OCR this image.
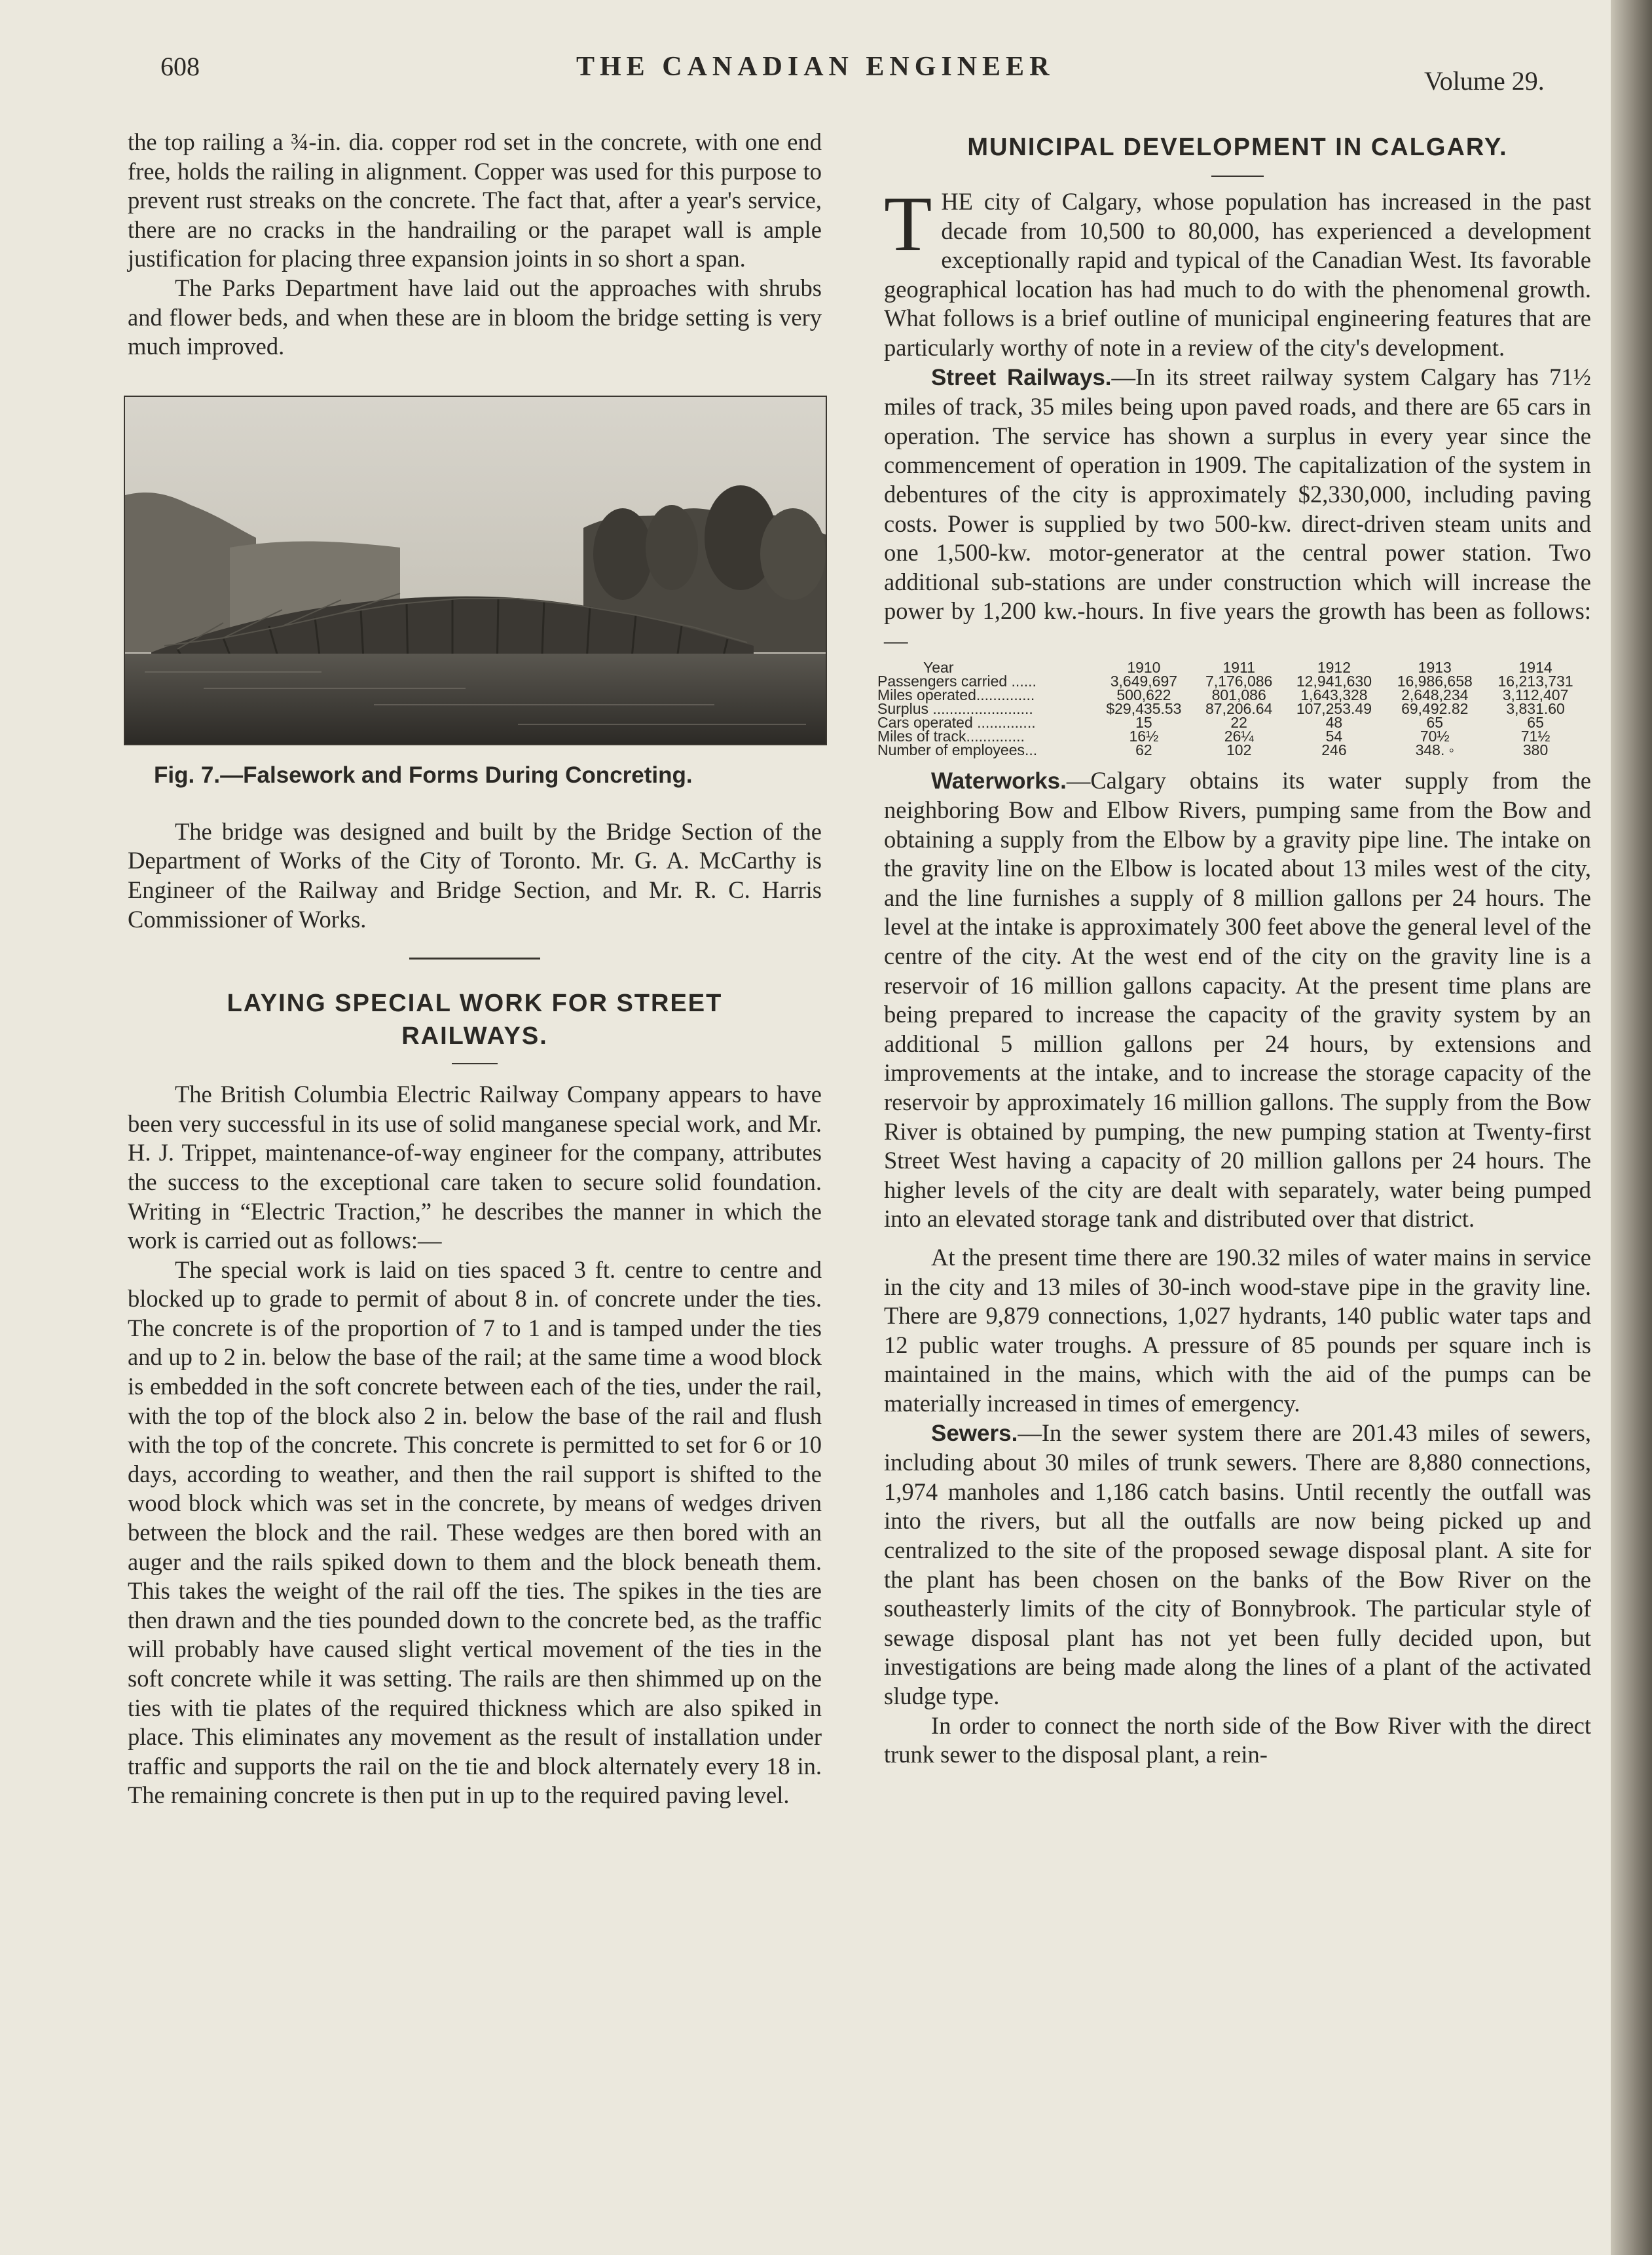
608	THE CANADIAN ENGINEER	Volume 29.

the top railing a ¾-in. dia. copper rod set in the concrete, with one end free, holds the railing in alignment. Copper was used for this purpose to prevent rust streaks on the concrete. The fact that, after a year's service, there are no cracks in the handrailing or the parapet wall is ample justification for placing three expansion joints in so short a span.

The Parks Department have laid out the approaches with shrubs and flower beds, and when these are in bloom the bridge setting is very much improved.

Fig. 7.—Falsework and Forms During Concreting.

The bridge was designed and built by the Bridge Section of the Department of Works of the City of Toronto. Mr. G. A. McCarthy is Engineer of the Railway and Bridge Section, and Mr. R. C. Harris Commissioner of Works.

LAYING SPECIAL WORK FOR STREET RAILWAYS.

The British Columbia Electric Railway Company appears to have been very successful in its use of solid manganese special work, and Mr. H. J. Trippet, maintenance-of-way engineer for the company, attributes the success to the exceptional care taken to secure solid foundation. Writing in “Electric Traction,” he describes the manner in which the work is carried out as follows:—

The special work is laid on ties spaced 3 ft. centre to centre and blocked up to grade to permit of about 8 in. of concrete under the ties. The concrete is of the proportion of 7 to 1 and is tamped under the ties and up to 2 in. below the base of the rail; at the same time a wood block is embedded in the soft concrete between each of the ties, under the rail, with the top of the block also 2 in. below the base of the rail and flush with the top of the concrete. This concrete is permitted to set for 6 or 10 days, according to weather, and then the rail support is shifted to the wood block which was set in the concrete, by means of wedges driven between the block and the rail. These wedges are then bored with an auger and the rails spiked down to them and the block beneath them. This takes the weight of the rail off the ties. The spikes in the ties are then drawn and the ties pounded down to the concrete bed, as the traffic will probably have caused slight vertical movement of the ties in the soft concrete while it was setting. The rails are then shimmed up on the ties with tie plates of the required thickness which are also spiked in place. This eliminates any movement as the result of installation under traffic and supports the rail on the tie and block alternately every 18 in. The remaining concrete is then put in up to the required paving level.

MUNICIPAL DEVELOPMENT IN CALGARY.

THE city of Calgary, whose population has increased in the past decade from 10,500 to 80,000, has experienced a development exceptionally rapid and typical of the Canadian West. Its favorable geographical location has had much to do with the phenomenal growth. What follows is a brief outline of municipal engineering features that are particularly worthy of note in a review of the city's development.

Street Railways.—In its street railway system Calgary has 71½ miles of track, 35 miles being upon paved roads, and there are 65 cars in operation. The service has shown a surplus in every year since the commencement of operation in 1909. The capitalization of the system in debentures of the city is approximately $2,330,000, including paving costs. Power is supplied by two 500-kw. direct-driven steam units and one 1,500-kw. motor-generator at the central power station. Two additional sub-stations are under construction which will increase the power by 1,200 kw.-hours. In five years the growth has been as follows:—

Year	1910	1911	1912	1913	1914
Passengers carried ......	3,649,697	7,176,086	12,941,630	16,986,658	16,213,731
Miles operated..............	500,622	801,086	1,643,328	2,648,234	3,112,407
Surplus ........................	$29,435.53	87,206.64	107,253.49	69,492.82	3,831.60
Cars operated ..............	15	22	48	65	65
Miles of track..............	16½	26¼	54	70½	71½
Number of employees...	62	102	246	348. ◦	380

Waterworks.—Calgary obtains its water supply from the neighboring Bow and Elbow Rivers, pumping same from the Bow and obtaining a supply from the Elbow by a gravity pipe line. The intake on the gravity line on the Elbow is located about 13 miles west of the city, and the line furnishes a supply of 8 million gallons per 24 hours. The level at the intake is approximately 300 feet above the general level of the centre of the city. At the west end of the city on the gravity line is a reservoir of 16 million gallons capacity. At the present time plans are being prepared to increase the capacity of the gravity system by an additional 5 million gallons per 24 hours, by extensions and improvements at the intake, and to increase the storage capacity of the reservoir by approximately 16 million gallons. The supply from the Bow River is obtained by pumping, the new pumping station at Twenty-first Street West having a capacity of 20 million gallons per 24 hours. The higher levels of the city are dealt with separately, water being pumped into an elevated storage tank and distributed over that district.

At the present time there are 190.32 miles of water mains in service in the city and 13 miles of 30-inch wood-stave pipe in the gravity line. There are 9,879 connections, 1,027 hydrants, 140 public water taps and 12 public water troughs. A pressure of 85 pounds per square inch is maintained in the mains, which with the aid of the pumps can be materially increased in times of emergency.

Sewers.—In the sewer system there are 201.43 miles of sewers, including about 30 miles of trunk sewers. There are 8,880 connections, 1,974 manholes and 1,186 catch basins. Until recently the outfall was into the rivers, but all the outfalls are now being picked up and centralized to the site of the proposed sewage disposal plant. A site for the plant has been chosen on the banks of the Bow River on the southeasterly limits of the city of Bonnybrook. The particular style of sewage disposal plant has not yet been fully decided upon, but investigations are being made along the lines of a plant of the activated sludge type.

In order to connect the north side of the Bow River with the direct trunk sewer to the disposal plant, a rein-
